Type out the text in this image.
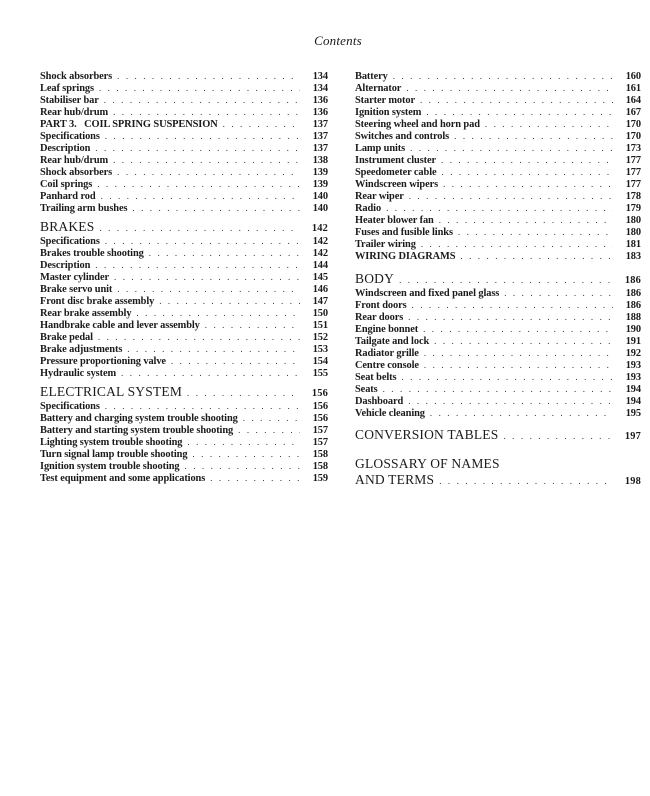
Contents
Shock absorbers . . .	134
Leaf springs . . .	134
Stabiliser bar . . .	136
Rear hub/drum . . .	136
PART 3.   COIL SPRING SUSPENSION . . .	137
Specifications . . .	137
Description . . .	137
Rear hub/drum . . .	138
Shock absorbers . . .	139
Coil springs . . .	139
Panhard rod . . .	140
Trailing arm bushes . . .	140
BRAKES . . .	142
Specifications . . .	142
Brakes trouble shooting . . .	142
Description . . .	144
Master cylinder . . .	145
Brake servo unit . . .	146
Front disc brake assembly . . .	147
Rear brake assembly . . .	150
Handbrake cable and lever assembly . . .	151
Brake pedal . . .	152
Brake adjustments . . .	153
Pressure proportioning valve . . .	154
Hydraulic system . . .	155
ELECTRICAL SYSTEM . . .	156
Specifications . . .	156
Battery and charging system trouble shooting . . .	156
Battery and starting system trouble shooting . . .	157
Lighting system trouble shooting . . .	157
Turn signal lamp trouble shooting . . .	158
Ignition system trouble shooting . . .	158
Test equipment and some applications . . .	159
Battery . . .	160
Alternator . . .	161
Starter motor . . .	164
Ignition system . . .	167
Steering wheel and horn pad . . .	170
Switches and controls . . .	170
Lamp units . . .	173
Instrument cluster . . .	177
Speedometer cable . . .	177
Windscreen wipers . . .	177
Rear wiper . . .	178
Radio . . .	179
Heater blower fan . . .	180
Fuses and fusible links . . .	180
Trailer wiring . . .	181
WIRING DIAGRAMS . . .	183
BODY . . .	186
Windscreen and fixed panel glass . . .	186
Front doors . . .	186
Rear doors . . .	188
Engine bonnet . . .	190
Tailgate and lock . . .	191
Radiator grille . . .	192
Centre console . . .	193
Seat belts . . .	193
Seats . . .	194
Dashboard . . .	194
Vehicle cleaning . . .	195
CONVERSION TABLES . . .	197
GLOSSARY OF NAMES
AND TERMS . . .	198
